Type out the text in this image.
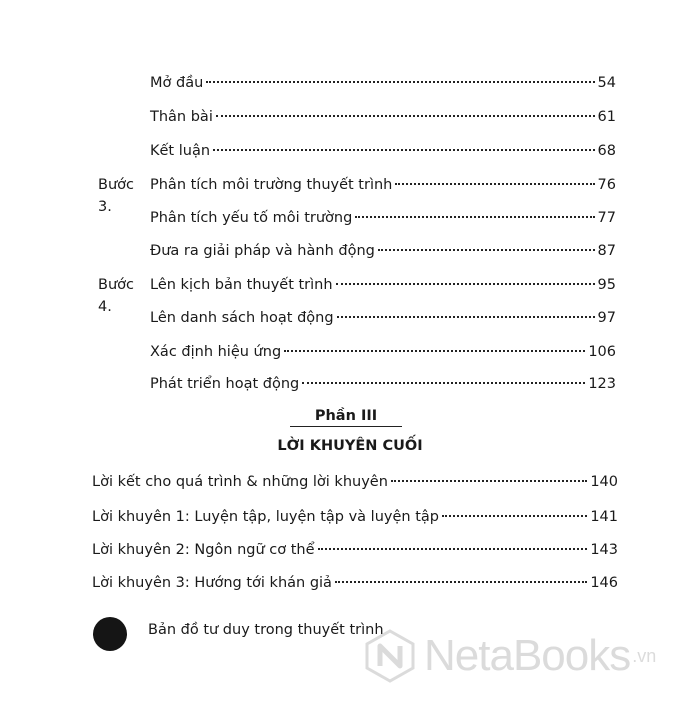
Mở đầu	54
Thân bài	61
Kết luận	68
Bước 3.
Phân tích môi trường thuyết trình	76
Phân tích yếu tố môi trường	77
Đưa ra giải pháp và hành động	87
Bước 4.
Lên kịch bản thuyết trình	95
Lên danh sách hoạt động	97
Xác định hiệu ứng	106
Phát triển hoạt động	123
Phần III
LỜI KHUYÊN CUỐI
Lời kết cho quá trình & những lời khuyên	140
Lời khuyên 1: Luyện tập, luyện tập và luyện tập	141
Lời khuyên 2: Ngôn ngữ cơ thể	143
Lời khuyên 3: Hướng tới khán giả	146
Bản đồ tư duy trong thuyết trình
NetaBooks .vn
